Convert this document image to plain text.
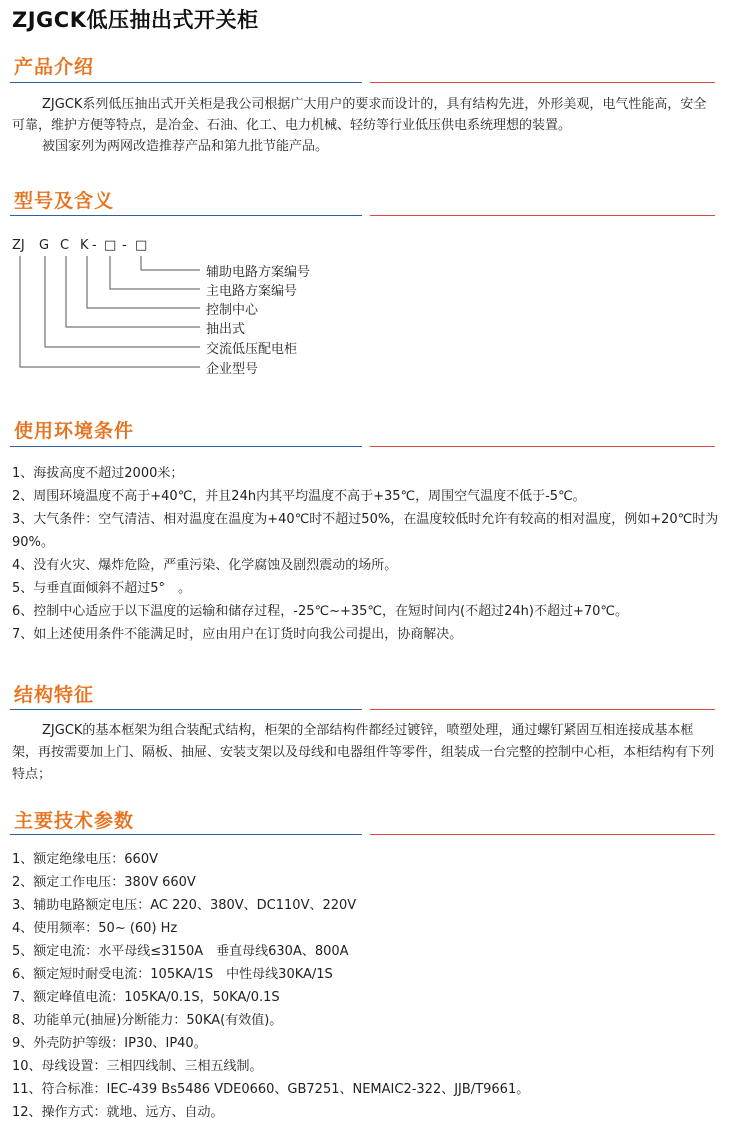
ZJGCK低压抽出式开关柜
产品介绍

ZJGCK系列低压抽出式开关柜是我公司根据广大用户的要求而设计的，具有结构先进，外形美观，电气性能高，安全可靠，维护方便等特点，是冶金、石油、化工、电力机械、轻纺等行业低压供电系统理想的装置。

被国家列为两网改造推荐产品和第九批节能产品。

型号及含义
ZJ G C K - □ - □
辅助电路方案编号
主电路方案编号
控制中心
抽出式
交流低压配电柜
企业型号
使用环境条件
1、海拔高度不超过2000米；
2、周围环境温度不高于+40℃，并且24h内其平均温度不高于+35℃，周围空气温度不低于-5℃。
3、大气条件：空气清洁、相对温度在温度为+40℃时不超过50%，在温度较低时允许有较高的相对温度，例如+20℃时为90%。
4、没有火灾、爆炸危险，严重污染、化学腐蚀及剧烈震动的场所。
5、与垂直面倾斜不超过5°　。
6、控制中心适应于以下温度的运输和储存过程，-25℃~+35℃，在短时间内(不超过24h)不超过+70℃。
7、如上述使用条件不能满足时，应由用户在订货时向我公司提出，协商解决。
结构特征

ZJGCK的基本框架为组合装配式结构，柜架的全部结构件都经过镀锌，喷塑处理，通过螺钉紧固互相连接成基本框架，再按需要加上门、隔板、抽屉、安装支架以及母线和电器组件等零件，组装成一台完整的控制中心柜，本柜结构有下列特点；

主要技术参数
1、额定绝缘电压：660V
2、额定工作电压：380V 660V
3、辅助电路额定电压：AC 220、380V、DC110V、220V
4、使用频率：50~ (60) Hz
5、额定电流：水平母线≤3150A　垂直母线630A、800A
6、额定短时耐受电流：105KA/1S　中性母线30KA/1S
7、额定峰值电流：105KA/0.1S，50KA/0.1S
8、功能单元(抽屉)分断能力：50KA(有效值)。
9、外壳防护等级：IP30、IP40。
10、母线设置：三相四线制、三相五线制。
11、符合标准：IEC-439 Bs5486 VDE0660、GB7251、NEMAIC2-322、JJB/T9661。
12、操作方式：就地、远方、自动。
